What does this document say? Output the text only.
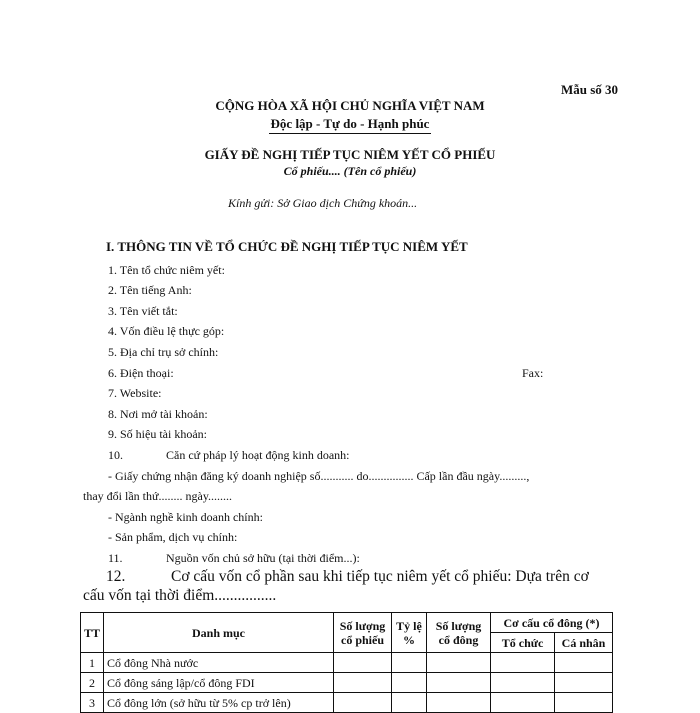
Mẫu số 30
CỘNG HÒA XÃ HỘI CHỦ NGHĨA VIỆT NAM
Độc lập - Tự do - Hạnh phúc
GIẤY ĐỀ NGHỊ TIẾP TỤC NIÊM YẾT CỔ PHIẾU
Cổ phiếu.... (Tên cổ phiếu)
Kính gửi: Sở Giao dịch Chứng khoán...
I. THÔNG TIN VỀ TỔ CHỨC ĐỀ NGHỊ TIẾP TỤC NIÊM YẾT
1. Tên tổ chức niêm yết:
2. Tên tiếng Anh:
3. Tên viết tắt:
4. Vốn điều lệ thực góp:
5. Địa chỉ trụ sở chính:
6. Điện thoại:	Fax:
7. Website:
8. Nơi mở tài khoản:
9. Số hiệu tài khoản:
10.	Căn cứ pháp lý hoạt động kinh doanh:
- Giấy chứng nhận đăng ký doanh nghiệp số........... do............... Cấp lần đầu ngày.........,
thay đổi lần thứ........ ngày........
- Ngành nghề kinh doanh chính:
- Sản phẩm, dịch vụ chính:
11.	Nguồn vốn chủ sở hữu (tại thời điểm...):
12.	Cơ cấu vốn cổ phần sau khi tiếp tục niêm yết cổ phiếu: Dựa trên cơ
cấu vốn tại thời điểm................
TT	Danh mục	Số lượng cổ phiếu	Tỷ lệ %	Số lượng cổ đông	Cơ cấu cổ đông (*)	
					Tổ chức	Cá nhân
1	Cổ đông Nhà nước					
2	Cổ đông sáng lập/cổ đông FDI					
3	Cổ đông lớn (sở hữu từ 5% cp trở lên)					
